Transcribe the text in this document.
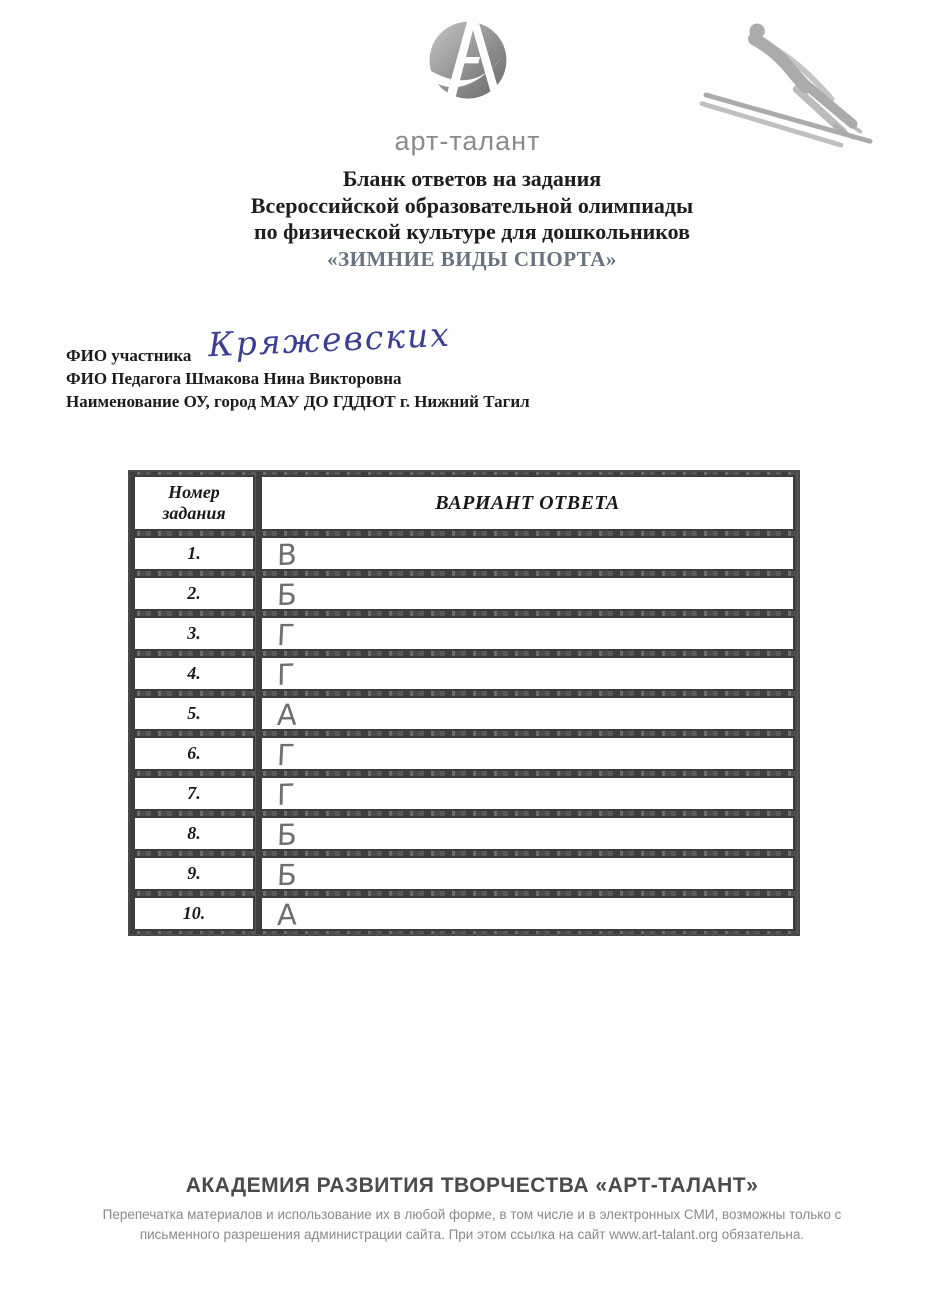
арт-талант
Бланк ответов на задания
Всероссийской образовательной олимпиады
по физической культуре для дошкольников
«ЗИМНИЕ ВИДЫ СПОРТА»
ФИО участника Кряжевских
ФИО Педагога Шмакова Нина Викторовна
Наименование ОУ, город МАУ ДО ГДДЮТ г. Нижний Тагил
Номер задания	ВАРИАНТ ОТВЕТА
1.	В
2.	Б
3.	Г
4.	Г
5.	А
6.	Г
7.	Г
8.	Б
9.	Б
10.	А
АКАДЕМИЯ РАЗВИТИЯ ТВОРЧЕСТВА «АРТ-ТАЛАНТ»
Перепечатка материалов и использование их в любой форме, в том числе и в электронных СМИ, возможны только с
письменного разрешения администрации сайта. При этом ссылка на сайт www.art-talant.org обязательна.
